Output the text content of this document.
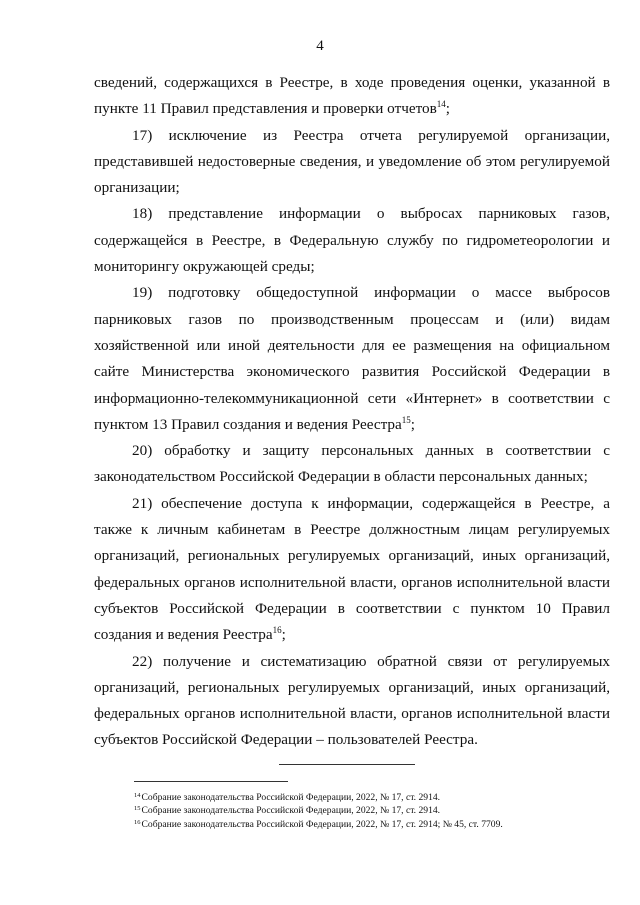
4

сведений, содержащихся в Реестре, в ходе проведения оценки, указанной в пункте 11 Правил представления и проверки отчетов$^{14}$;

17) исключение из Реестра отчета регулируемой организации, представившей недостоверные сведения, и уведомление об этом регулируемой организации;

18) представление информации о выбросах парниковых газов, содержащейся в Реестре, в Федеральную службу по гидрометеорологии и мониторингу окружающей среды;

19) подготовку общедоступной информации о массе выбросов парниковых газов по производственным процессам и (или) видам хозяйственной или иной деятельности для ее размещения на официальном сайте Министерства экономического развития Российской Федерации в информационно-телекоммуникационной сети «Интернет» в соответствии с пунктом 13 Правил создания и ведения Реестра$^{15}$;

20) обработку и защиту персональных данных в соответствии с законодательством Российской Федерации в области персональных данных;

21) обеспечение доступа к информации, содержащейся в Реестре, а также к личным кабинетам в Реестре должностным лицам регулируемых организаций, региональных регулируемых организаций, иных организаций, федеральных органов исполнительной власти, органов исполнительной власти субъектов Российской Федерации в соответствии с пунктом 10 Правил создания и ведения Реестра$^{16}$;

22) получение и систематизацию обратной связи от регулируемых организаций, региональных регулируемых организаций, иных организаций, федеральных органов исполнительной власти, органов исполнительной власти субъектов Российской Федерации – пользователей Реестра.

$^{14}$Собрание законодательства Российской Федерации, 2022, № 17, ст. 2914.
$^{15}$Собрание законодательства Российской Федерации, 2022, № 17, ст. 2914.
$^{16}$Собрание законодательства Российской Федерации, 2022, № 17, ст. 2914; № 45, ст. 7709.
